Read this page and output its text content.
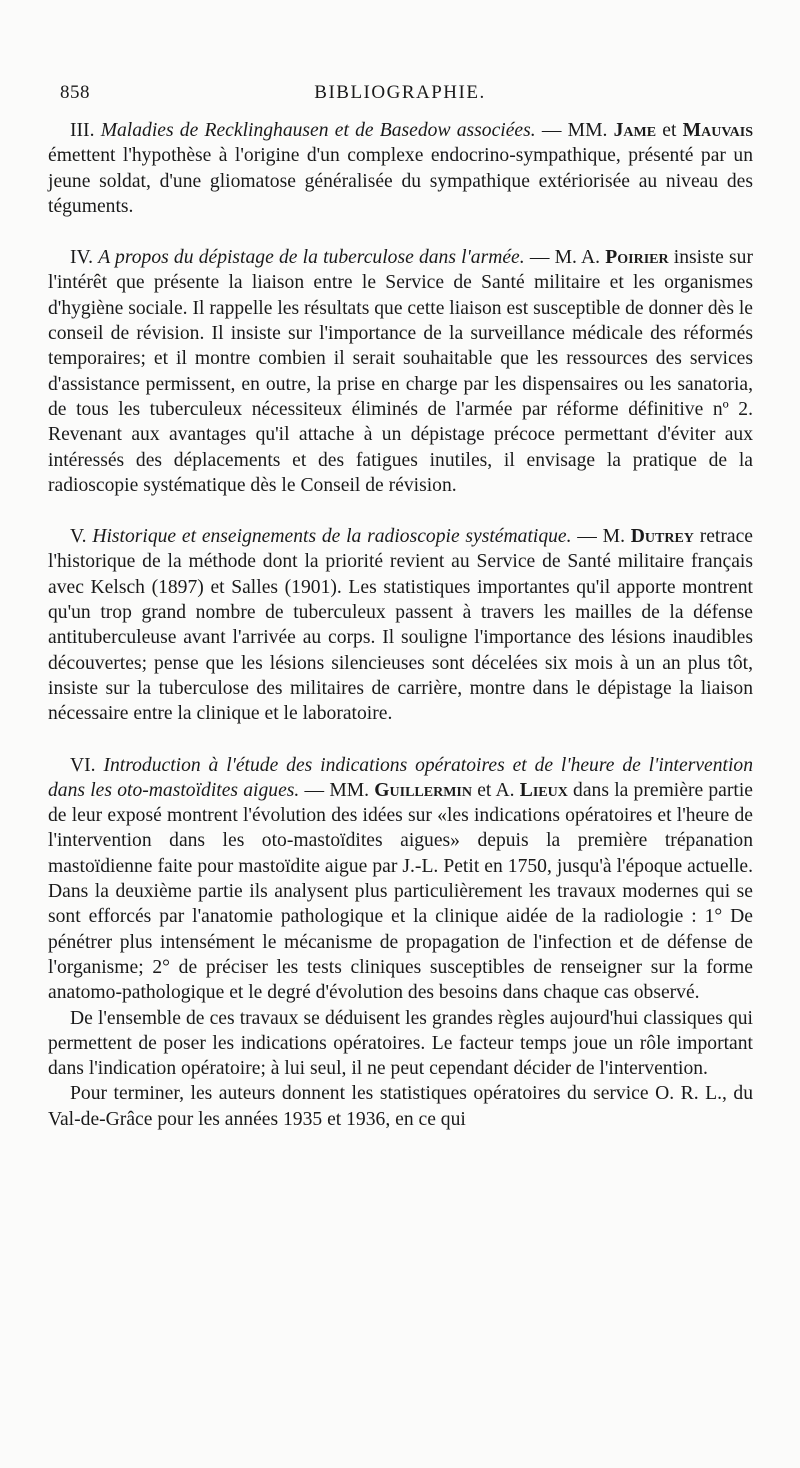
858	BIBLIOGRAPHIE.

III. Maladies de Recklinghausen et de Basedow associées. — MM. Jame et Mauvais émettent l'hypothèse à l'origine d'un complexe endocrino-sympathique, présenté par un jeune soldat, d'une gliomatose généralisée du sympathique extériorisée au niveau des téguments.

IV. A propos du dépistage de la tuberculose dans l'armée. — M. A. Poirier insiste sur l'intérêt que présente la liaison entre le Service de Santé militaire et les organismes d'hygiène sociale. Il rappelle les résultats que cette liaison est susceptible de donner dès le conseil de révision. Il insiste sur l'importance de la surveillance médicale des réformés temporaires; et il montre combien il serait souhaitable que les ressources des services d'assistance permissent, en outre, la prise en charge par les dispensaires ou les sanatoria, de tous les tuberculeux nécessiteux éliminés de l'armée par réforme définitive nº 2. Revenant aux avantages qu'il attache à un dépistage précoce permettant d'éviter aux intéressés des déplacements et des fatigues inutiles, il envisage la pratique de la radioscopie systématique dès le Conseil de révision.

V. Historique et enseignements de la radioscopie systématique. — M. Dutrey retrace l'historique de la méthode dont la priorité revient au Service de Santé militaire français avec Kelsch (1897) et Salles (1901). Les statistiques importantes qu'il apporte montrent qu'un trop grand nombre de tuberculeux passent à travers les mailles de la défense antituberculeuse avant l'arrivée au corps. Il souligne l'importance des lésions inaudibles découvertes; pense que les lésions silencieuses sont décelées six mois à un an plus tôt, insiste sur la tuberculose des militaires de carrière, montre dans le dépistage la liaison nécessaire entre la clinique et le laboratoire.

VI. Introduction à l'étude des indications opératoires et de l'heure de l'intervention dans les oto-mastoïdites aigues. — MM. Guillermin et A. Lieux dans la première partie de leur exposé montrent l'évolution des idées sur «les indications opératoires et l'heure de l'intervention dans les oto-mastoïdites aigues» depuis la première trépanation mastoïdienne faite pour mastoïdite aigue par J.-L. Petit en 1750, jusqu'à l'époque actuelle. Dans la deuxième partie ils analysent plus particulièrement les travaux modernes qui se sont efforcés par l'anatomie pathologique et la clinique aidée de la radiologie : 1° De pénétrer plus intensément le mécanisme de propagation de l'infection et de défense de l'organisme; 2° de préciser les tests cliniques susceptibles de renseigner sur la forme anatomo-pathologique et le degré d'évolution des besoins dans chaque cas observé.

De l'ensemble de ces travaux se déduisent les grandes règles aujourd'hui classiques qui permettent de poser les indications opératoires. Le facteur temps joue un rôle important dans l'indication opératoire; à lui seul, il ne peut cependant décider de l'intervention.

Pour terminer, les auteurs donnent les statistiques opératoires du service O. R. L., du Val-de-Grâce pour les années 1935 et 1936, en ce qui
